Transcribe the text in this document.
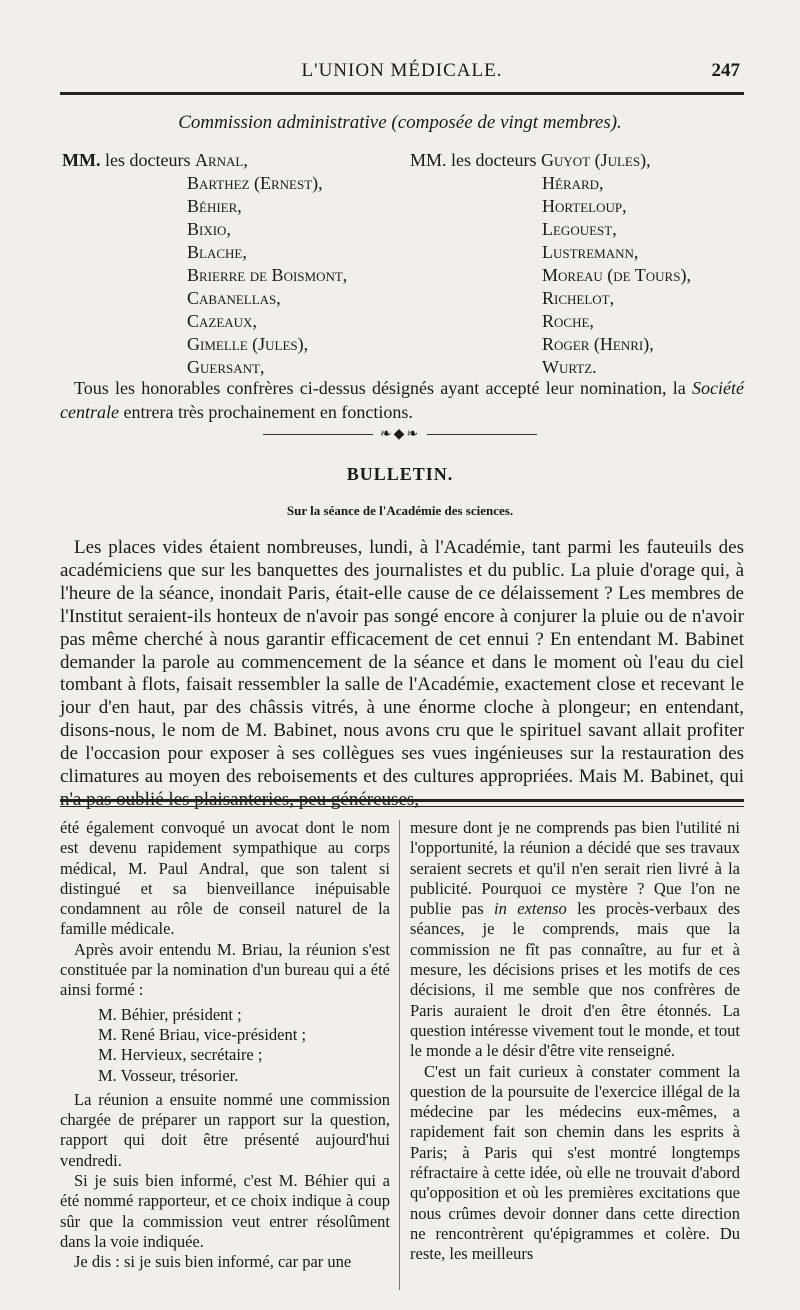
L'UNION MÉDICALE.	247
Commission administrative (composée de vingt membres).
MM. les docteurs Arnal,
Barthez (Ernest),
Béhier,
Bixio,
Blache,
Brierre de Boismont,
Cabanellas,
Cazeaux,
Gimelle (Jules),
Guersant,
MM. les docteurs Guyot (Jules),
Hérard,
Horteloup,
Legouest,
Lustremann,
Moreau (de Tours),
Richelot,
Roche,
Roger (Henri),
Wurtz.
Tous les honorables confrères ci-dessus désignés ayant accepté leur nomination, la Société centrale entrera très prochainement en fonctions.
❧◆❧
BULLETIN.
Sur la séance de l'Académie des sciences.
Les places vides étaient nombreuses, lundi, à l'Académie, tant parmi les fauteuils des académiciens que sur les banquettes des journalistes et du public. La pluie d'orage qui, à l'heure de la séance, inondait Paris, était-elle cause de ce délaissement ? Les membres de l'Institut seraient-ils honteux de n'avoir pas songé encore à conjurer la pluie ou de n'avoir pas même cherché à nous garantir efficacement de cet ennui ? En entendant M. Babinet demander la parole au commencement de la séance et dans le moment où l'eau du ciel tombant à flots, faisait ressembler la salle de l'Académie, exactement close et recevant le jour d'en haut, par des châssis vitrés, à une énorme cloche à plongeur; en entendant, disons-nous, le nom de M. Babinet, nous avons cru que le spirituel savant allait profiter de l'occasion pour exposer à ses collègues ses vues ingénieuses sur la restauration des climatures au moyen des reboisements et des cultures appropriées. Mais M. Babinet, qui n'a pas oublié les plaisanteries, peu généreuses,

été également convoqué un avocat dont le nom est devenu rapidement sympathique au corps médical, M. Paul Andral, que son talent si distingué et sa bienveillance inépuisable condamnent au rôle de conseil naturel de la famille médicale.

Après avoir entendu M. Briau, la réunion s'est constituée par la nomination d'un bureau qui a été ainsi formé :

M. Béhier, président ;
M. René Briau, vice-président ;
M. Hervieux, secrétaire ;
M. Vosseur, trésorier.

La réunion a ensuite nommé une commission chargée de préparer un rapport sur la question, rapport qui doit être présenté aujourd'hui vendredi.

Si je suis bien informé, c'est M. Béhier qui a été nommé rapporteur, et ce choix indique à coup sûr que la commission veut entrer résolûment dans la voie indiquée.

Je dis : si je suis bien informé, car par une

mesure dont je ne comprends pas bien l'utilité ni l'opportunité, la réunion a décidé que ses travaux seraient secrets et qu'il n'en serait rien livré à la publicité. Pourquoi ce mystère ? Que l'on ne publie pas in extenso les procès-verbaux des séances, je le comprends, mais que la commission ne fît pas connaître, au fur et à mesure, les décisions prises et les motifs de ces décisions, il me semble que nos confrères de Paris auraient le droit d'en être étonnés. La question intéresse vivement tout le monde, et tout le monde a le désir d'être vite renseigné.

C'est un fait curieux à constater comment la question de la poursuite de l'exercice illégal de la médecine par les médecins eux-mêmes, a rapidement fait son chemin dans les esprits à Paris; à Paris qui s'est montré longtemps réfractaire à cette idée, où elle ne trouvait d'abord qu'opposition et où les premières excitations que nous crûmes devoir donner dans cette direction ne rencontrèrent qu'épigrammes et colère. Du reste, les meilleurs
